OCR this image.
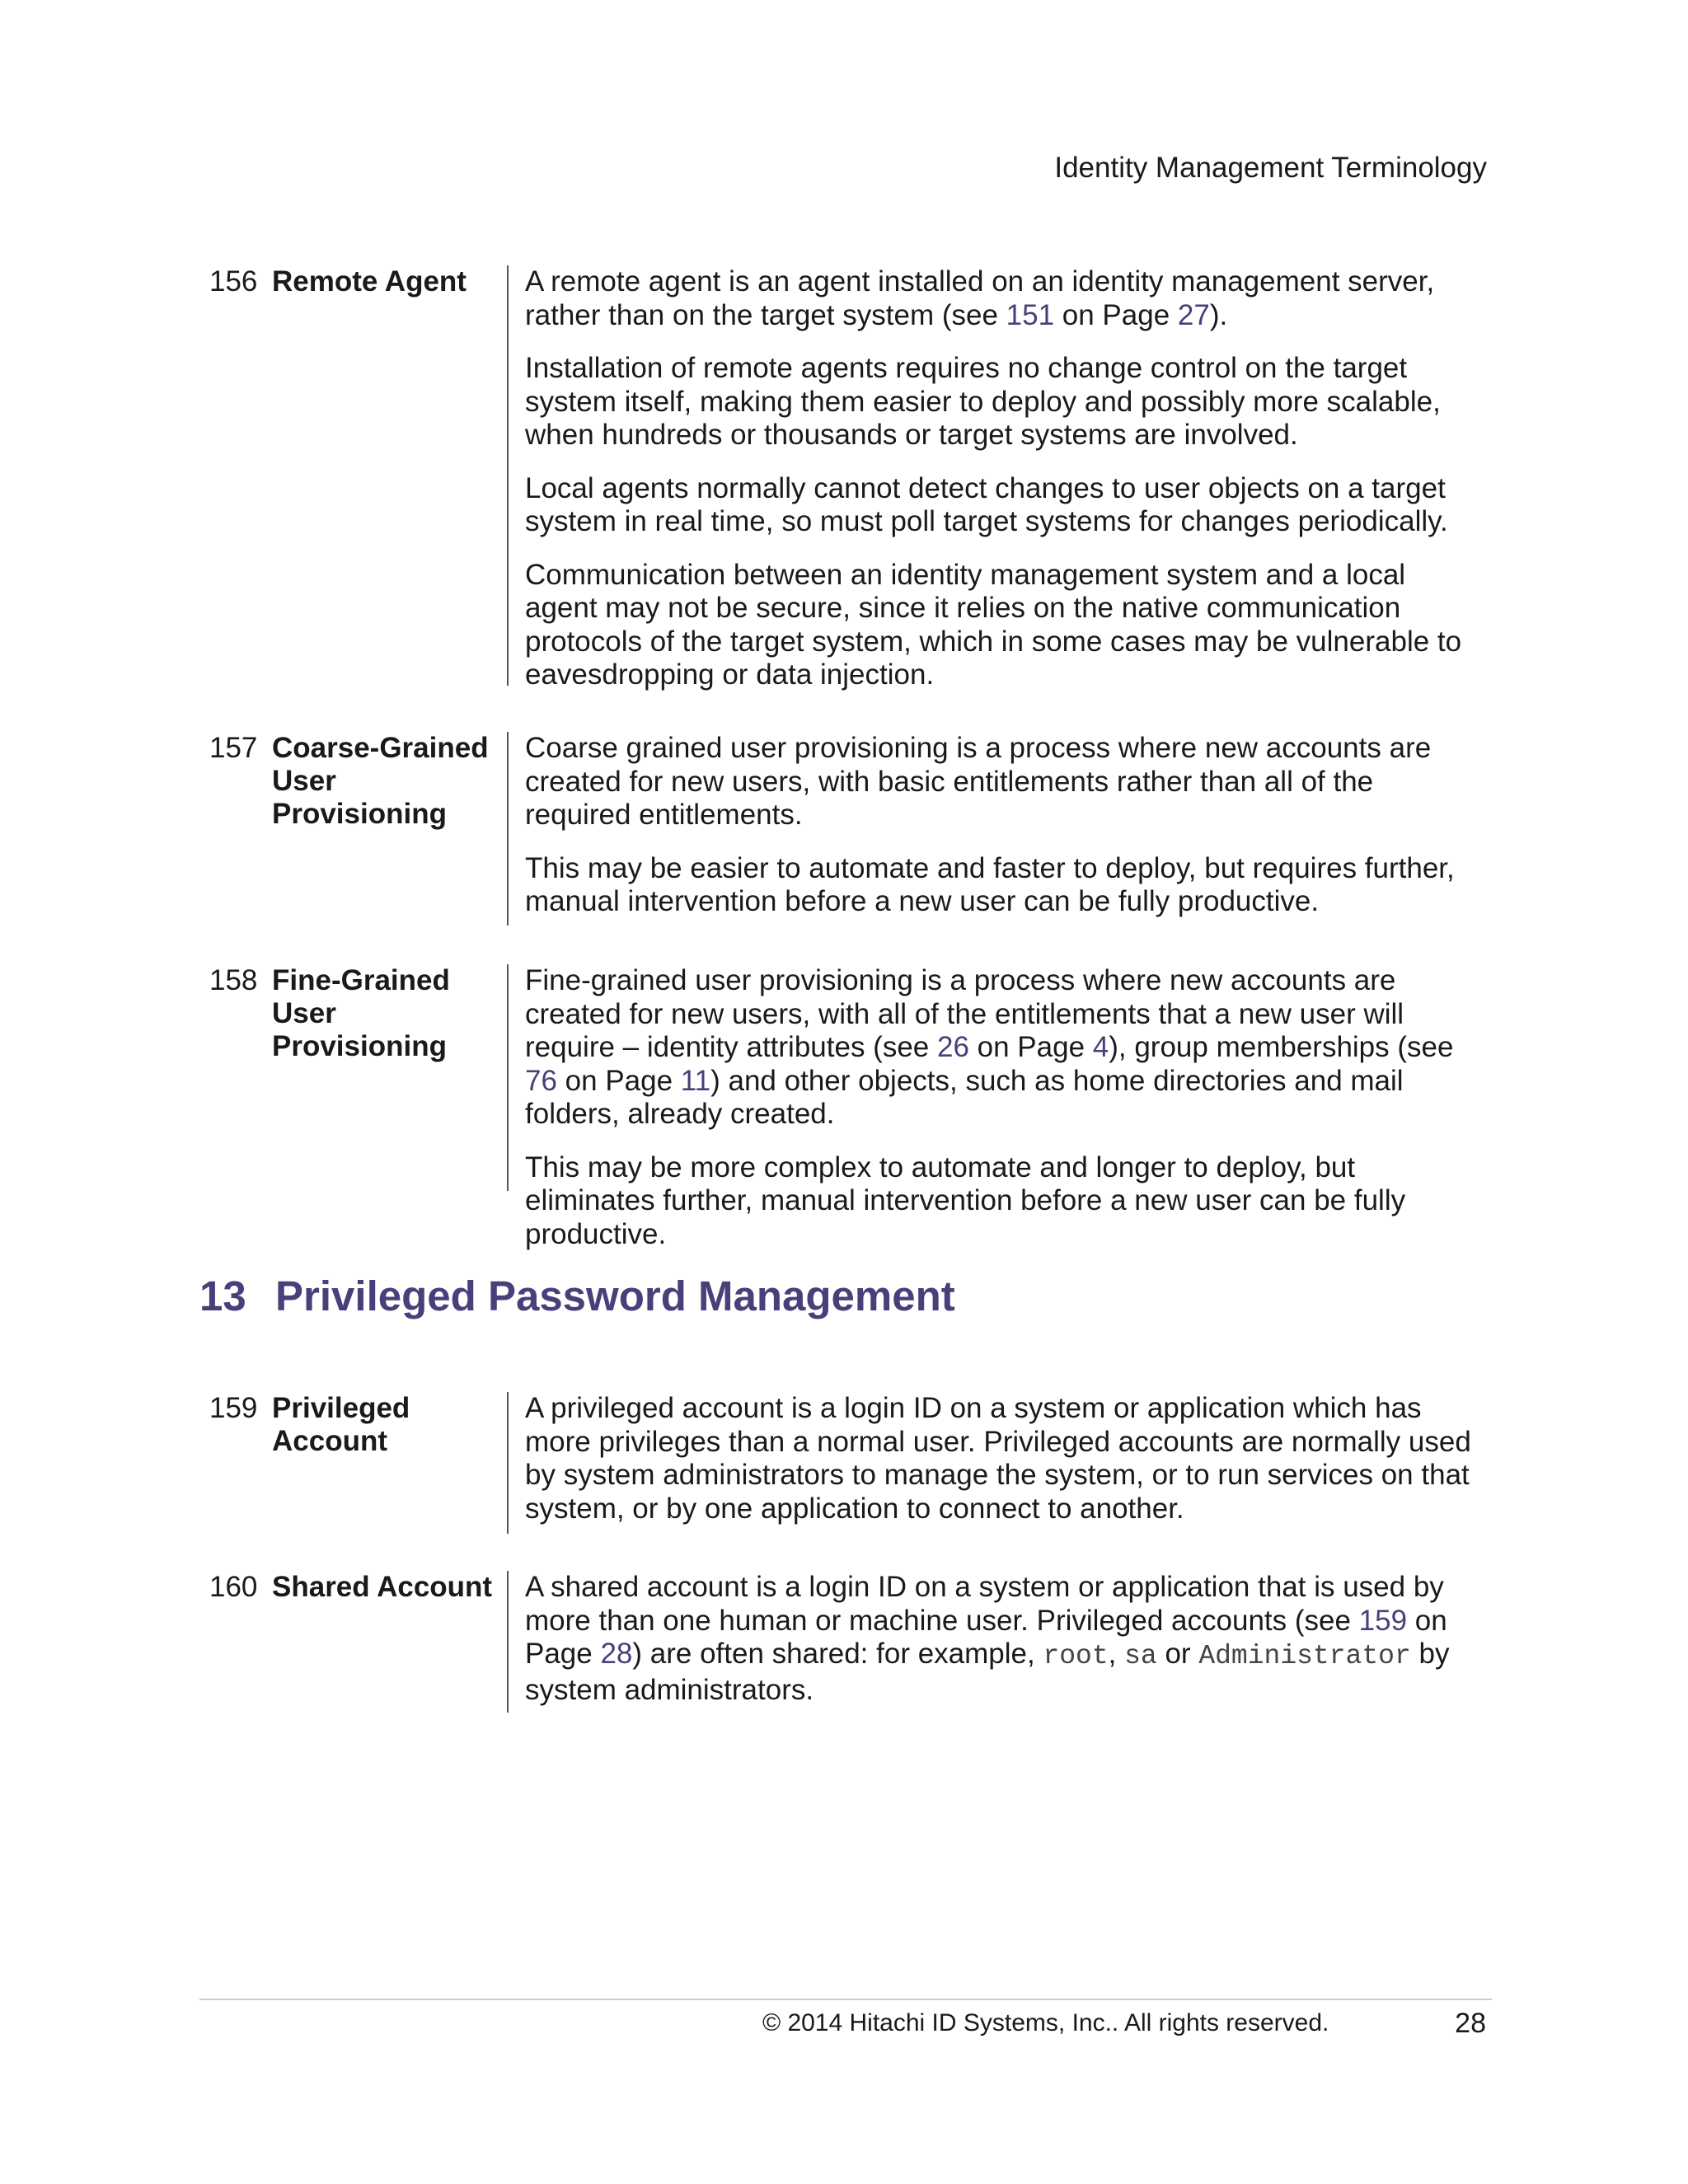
Identity Management Terminology
156 Remote Agent	A remote agent is an agent installed on an identity management server, rather than on the target system (see 151 on Page 27).

Installation of remote agents requires no change control on the target system itself, making them easier to deploy and possibly more scalable, when hundreds or thousands or target systems are involved.

Local agents normally cannot detect changes to user objects on a target system in real time, so must poll target systems for changes periodically.

Communication between an identity management system and a local agent may not be secure, since it relies on the native communication protocols of the target system, which in some cases may be vulnerable to eavesdropping or data injection.

157 Coarse-Grained User Provisioning

Coarse grained user provisioning is a process where new accounts are created for new users, with basic entitlements rather than all of the required entitlements.

This may be easier to automate and faster to deploy, but requires further, manual intervention before a new user can be fully productive.

158 Fine-Grained User Provisioning

Fine-grained user provisioning is a process where new accounts are created for new users, with all of the entitlements that a new user will require – identity attributes (see 26 on Page 4), group memberships (see 76 on Page 11) and other objects, such as home directories and mail folders, already created.

This may be more complex to automate and longer to deploy, but eliminates further, manual intervention before a new user can be fully productive.

13 Privileged Password Management
159 Privileged Account

A privileged account is a login ID on a system or application which has more privileges than a normal user. Privileged accounts are normally used by system administrators to manage the system, or to run services on that system, or by one application to connect to another.

160 Shared Account A shared account is a login ID on a system or application that is used by more than one human or machine user. Privileged accounts (see 159 on Page 28) are often shared: for example, root, sa or Administrator by system administrators.

© 2014 Hitachi ID Systems, Inc.. All rights reserved.	28
